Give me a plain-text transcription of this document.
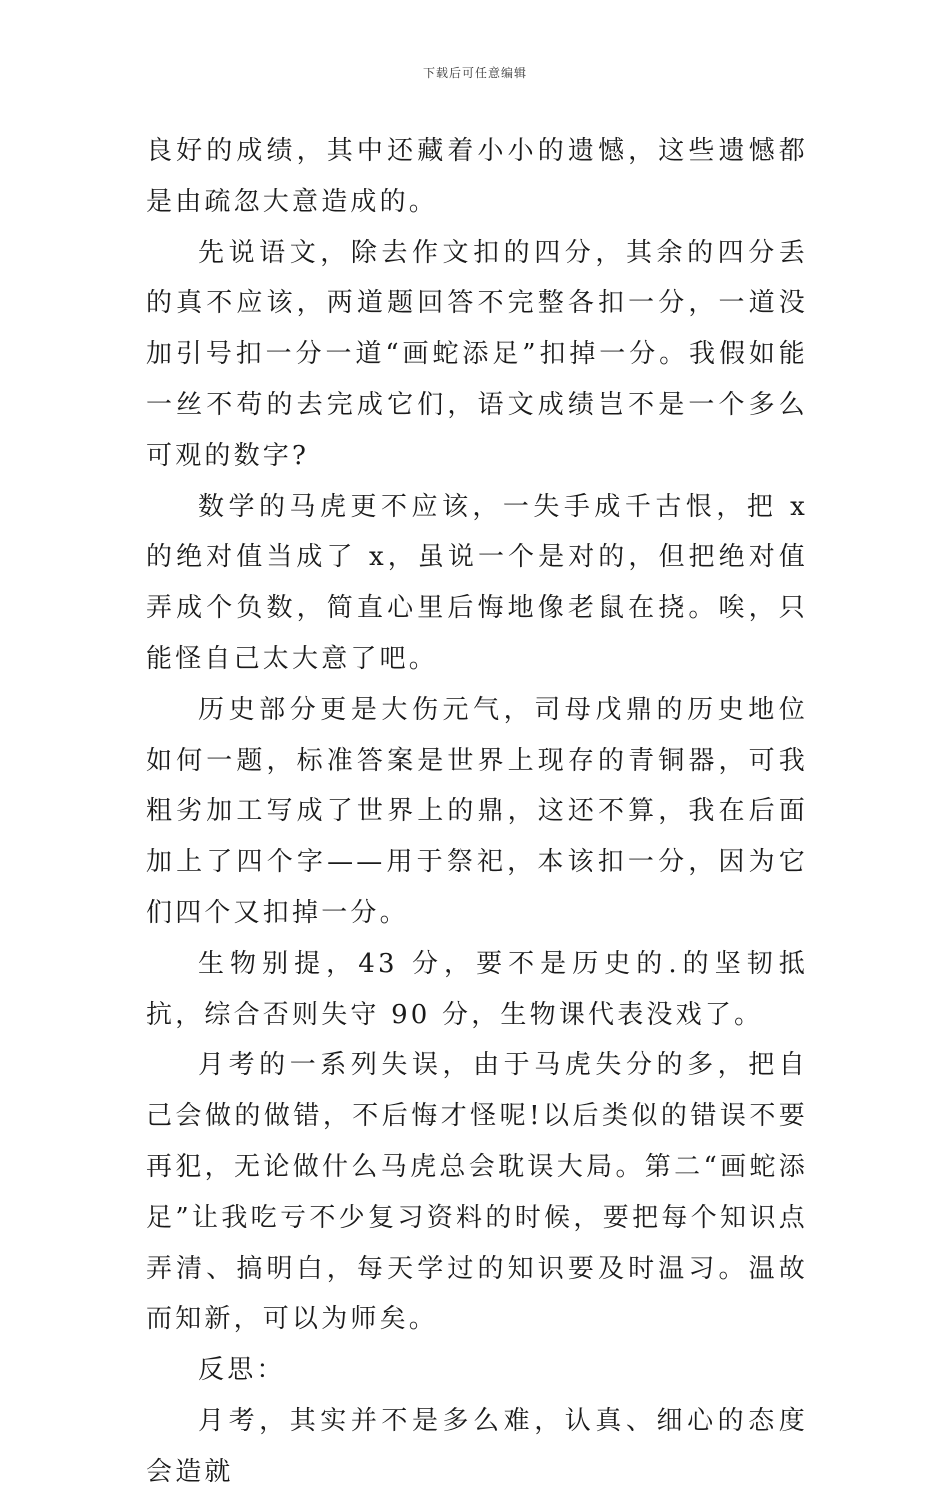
下载后可任意编辑

良好的成绩，其中还藏着小小的遗憾，这些遗憾都是由疏忽大意造成的。

先说语文，除去作文扣的四分，其余的四分丢的真不应该，两道题回答不完整各扣一分，一道没加引号扣一分一道“画蛇添足”扣掉一分。我假如能一丝不苟的去完成它们，语文成绩岂不是一个多么可观的数字?

数学的马虎更不应该，一失手成千古恨，把 x 的绝对值当成了 x，虽说一个是对的，但把绝对值弄成个负数，简直心里后悔地像老鼠在挠。唉，只能怪自己太大意了吧。

历史部分更是大伤元气，司母戊鼎的历史地位如何一题，标准答案是世界上现存的青铜器，可我粗劣加工写成了世界上的鼎，这还不算，我在后面加上了四个字——用于祭祀，本该扣一分，因为它们四个又扣掉一分。

生物别提，43 分，要不是历史的.的坚韧抵抗，综合否则失守 90 分，生物课代表没戏了。

月考的一系列失误，由于马虎失分的多，把自己会做的做错，不后悔才怪呢!以后类似的错误不要再犯，无论做什么马虎总会耽误大局。第二“画蛇添足”让我吃亏不少复习资料的时候，要把每个知识点弄清、搞明白，每天学过的知识要及时温习。温故而知新，可以为师矣。

反思：

月考，其实并不是多么难，认真、细心的态度会造就
